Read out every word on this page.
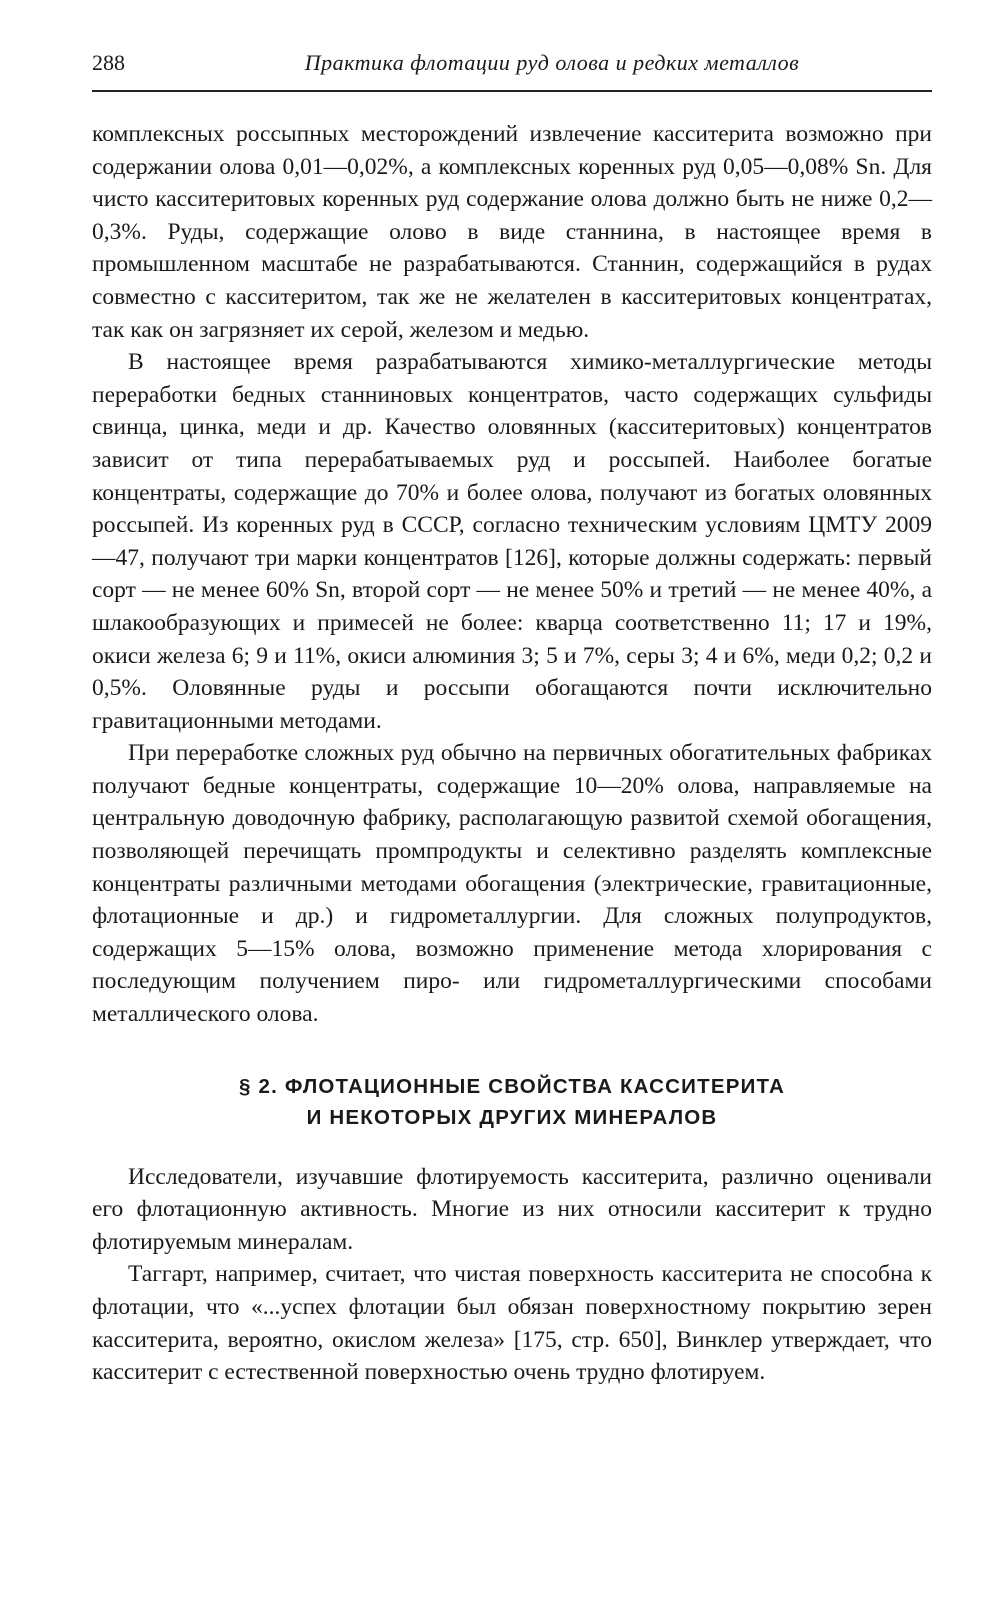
288	Практика флотации руд олова и редких металлов

комплексных россыпных месторождений извлечение касситерита возможно при содержании олова 0,01—0,02%, а комплексных коренных руд 0,05—0,08% Sn. Для чисто касситеритовых коренных руд содержание олова должно быть не ниже 0,2—0,3%. Руды, содержащие олово в виде станнина, в настоящее время в промышленном масштабе не разрабатываются. Станнин, содержащийся в рудах совместно с касситеритом, так же не желателен в касситеритовых концентратах, так как он загрязняет их серой, железом и медью.

В настоящее время разрабатываются химико-металлургические методы переработки бедных станниновых концентратов, часто содержащих сульфиды свинца, цинка, меди и др. Качество оловянных (касситеритовых) концентратов зависит от типа перерабатываемых руд и россыпей. Наиболее богатые концентраты, содержащие до 70% и более олова, получают из богатых оловянных россыпей. Из коренных руд в СССР, согласно техническим условиям ЦМТУ 2009—47, получают три марки концентратов [126], которые должны содержать: первый сорт — не менее 60% Sn, второй сорт — не менее 50% и третий — не менее 40%, а шлакообразующих и примесей не более: кварца соответственно 11; 17 и 19%, окиси железа 6; 9 и 11%, окиси алюминия 3; 5 и 7%, серы 3; 4 и 6%, меди 0,2; 0,2 и 0,5%. Оловянные руды и россыпи обогащаются почти исключительно гравитационными методами.

При переработке сложных руд обычно на первичных обогатительных фабриках получают бедные концентраты, содержащие 10—20% олова, направляемые на центральную доводочную фабрику, располагающую развитой схемой обогащения, позволяющей перечищать промпродукты и селективно разделять комплексные концентраты различными методами обогащения (электрические, гравитационные, флотационные и др.) и гидрометаллургии. Для сложных полупродуктов, содержащих 5—15% олова, возможно применение метода хлорирования с последующим получением пиро- или гидрометаллургическими способами металлического олова.

§ 2. ФЛОТАЦИОННЫЕ СВОЙСТВА КАССИТЕРИТА
И НЕКОТОРЫХ ДРУГИХ МИНЕРАЛОВ

Исследователи, изучавшие флотируемость касситерита, различно оценивали его флотационную активность. Многие из них относили касситерит к трудно флотируемым минералам.

Таггарт, например, считает, что чистая поверхность касситерита не способна к флотации, что «...успех флотации был обязан поверхностному покрытию зерен касситерита, вероятно, окислом железа» [175, стр. 650], Винклер утверждает, что касситерит с естественной поверхностью очень трудно флотируем.
